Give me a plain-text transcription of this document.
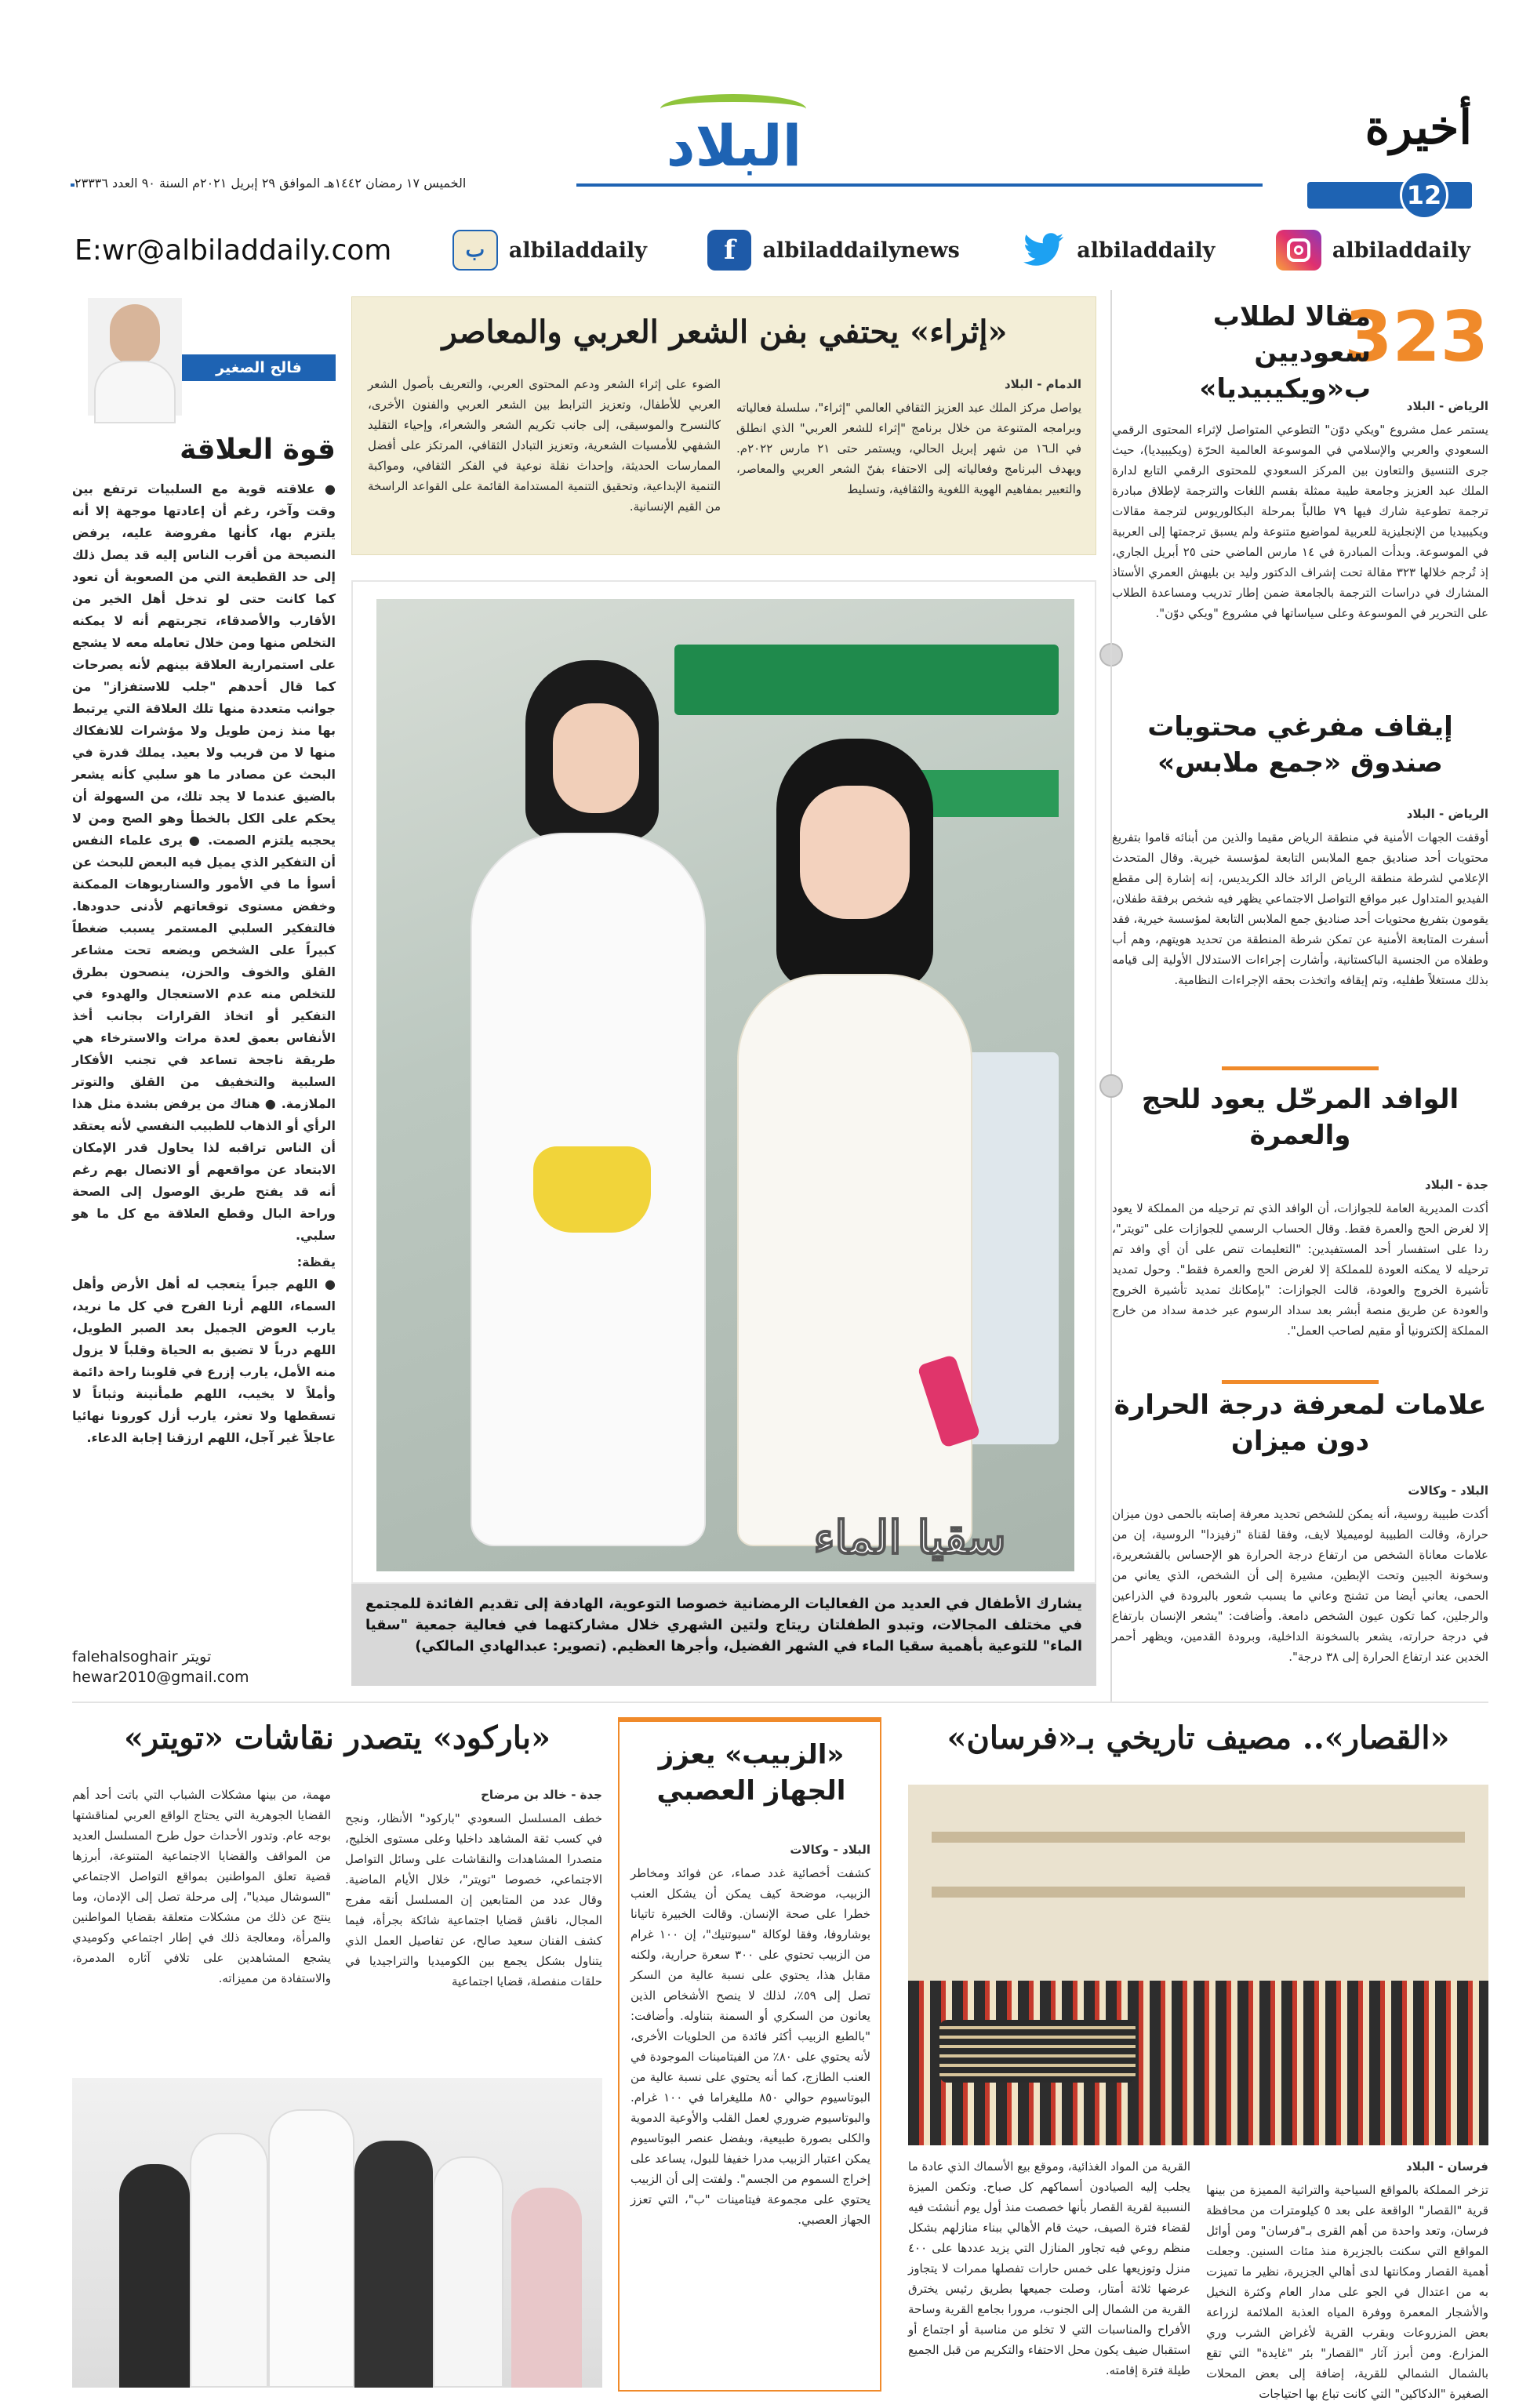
أخيرة
12
البلاد
الخميس ١٧ رمضان ١٤٤٢هـ الموافق ٢٩ إبريل ٢٠٢١م السنة ٩٠ العدد ٢٣٣٣٦
E:wr@albiladdaily.com	ب	albiladdaily	f	albiladdailynews	albiladdaily	albiladdaily
323
مقالا لطلاب سعوديين ب«ويكيبيديا»
الرياض - البلاد
يستمر عمل مشروع "ويكي دوّن" التطوعي المتواصل لإثراء المحتوى الرقمي السعودي والعربي والإسلامي في الموسوعة العالمية الحرّة (ويكيبيديا)، حيث جرى التنسيق والتعاون بين المركز السعودي للمحتوى الرقمي التابع لدارة الملك عبد العزيز وجامعة طيبة ممثلة بقسم اللغات والترجمة لإطلاق مبادرة ترجمة تطوعية شارك فيها ٧٩ طالباً بمرحلة البكالوريوس لترجمة مقالات ويكيبيديا من الإنجليزية للعربية لمواضيع متنوعة ولم يسبق ترجمتها إلى العربية في الموسوعة. وبدأت المبادرة في ١٤ مارس الماضي حتى ٢٥ أبريل الجاري، إذ تُرجم خلالها ٣٢٣ مقالة تحت إشراف الدكتور وليد بن بليهش العمري الأستاذ المشارك في دراسات الترجمة بالجامعة ضمن إطار تدريب ومساعدة الطلاب على التحرير في الموسوعة وعلى سياساتها في مشروع "ويكي دوّن".
إيقاف مفرغي محتويات صندوق «جمع ملابس»
الرياض - البلاد
أوقفت الجهات الأمنية في منطقة الرياض مقيما والذين من أبنائه قاموا بتفريغ محتويات أحد صناديق جمع الملابس التابعة لمؤسسة خيرية. وقال المتحدث الإعلامي لشرطة منطقة الرياض الرائد خالد الكريديس، إنه إشارة إلى مقطع الفيديو المتداول عبر مواقع التواصل الاجتماعي يظهر فيه شخص برفقة طفلان، يقومون بتفريغ محتويات أحد صناديق جمع الملابس التابعة لمؤسسة خيرية، فقد أسفرت المتابعة الأمنية عن تمكن شرطة المنطقة من تحديد هويتهم، وهم أب وطفلاه من الجنسية الباكستانية، وأشارت إجراءات الاستدلال الأولية إلى قيامه بذلك مستغلاً طفليه، وتم إيقافه واتخذت بحقه الإجراءات النظامية.
الوافد المرحّل يعود للحج والعمرة
جدة - البلاد
أكدت المديرية العامة للجوازات، أن الوافد الذي تم ترحيله من المملكة لا يعود إلا لغرض الحج والعمرة فقط. وقال الحساب الرسمي للجوازات على "تويتر"، ردا على استفسار أحد المستفيدين: "التعليمات تنص على أن أي وافد تم ترحيله لا يمكنه العودة للمملكة إلا لغرض الحج والعمرة فقط". وحول تمديد تأشيرة الخروج والعودة، قالت الجوازات: "بإمكانك تمديد تأشيرة الخروج والعودة عن طريق منصة أبشر بعد سداد الرسوم عبر خدمة سداد من خارج المملكة إلكترونيا أو مقيم لصاحب العمل".
علامات لمعرفة درجة الحرارة دون ميزان
البلاد - وكالات
أكدت طبيبة روسية، أنه يمكن للشخص تحديد معرفة إصابته بالحمى دون ميزان حرارة، وقالت الطبيبة لوميميلا لايف، وفقا لقناة "زفيزدا" الروسية، إن من علامات معاناة الشخص من ارتفاع درجة الحرارة هو الإحساس بالقشعريرة، وسخونة الجبين وتحت الإبطين، مشيرة إلى أن الشخص، الذي يعاني من الحمى، يعاني أيضا من تشنج وعاني ما يسبب شعور بالبرودة في الذراعين والرجلين، كما تكون عيون الشخص دامعة. وأضافت: "يشعر الإنسان بارتفاع في درجة حرارته، يشعر بالسخونة الداخلية، وبرودة القدمين، ويظهر أحمر الخدين عند ارتفاع الحرارة إلى ٣٨ درجة".
«إثراء» يحتفي بفن الشعر العربي والمعاصر
الدمام - البلاد
يواصل مركز الملك عبد العزيز الثقافي العالمي "إثراء"، سلسلة فعالياته وبرامجه المتنوعة من خلال برنامج "إثراء للشعر العربي" الذي انطلق في الـ١٦ من شهر إبريل الحالي، ويستمر حتى ٢١ مارس ٢٠٢٢م. ويهدف البرنامج وفعالياته إلى الاحتفاء بفنّ الشعر العربي والمعاصر، والتعبير بمفاهيم الهوية اللغوية والثقافية، وتسليط
الضوء على إثراء الشعر ودعم المحتوى العربي، والتعريف بأصول الشعر العربي للأطفال، وتعزيز الترابط بين الشعر العربي والفنون الأخرى، كالنسرح والموسيقى، إلى جانب تكريم الشعر والشعراء، وإحياء التقليد الشفهي للأمسيات الشعرية، وتعزيز التبادل الثقافي، المرتكز على أفضل الممارسات الحديثة، وإحداث نقلة نوعية في الفكر الثقافي، ومواكبة التنمية الإبداعية، وتحقيق التنمية المستدامة القائمة على القواعد الراسخة من القيم الإنسانية.
سقيا الماء
يشارك الأطفال في العديد من الفعاليات الرمضانية خصوصا التوعوية، الهادفة إلى تقديم الفائدة للمجتمع في مختلف المجالات، وتبدو الطفلتان ريتاج ولتين الشهري خلال مشاركتهما في فعالية جمعية "سقيا الماء" للتوعية بأهمية سقيا الماء في الشهر الفضيل، وأجرها العظيم. (تصوير: عبدالهادي المالكي)
فالح الصغير
قوة العلاقة
● علاقته قوية مع السلبيات ترتفع بين وقت وآخر، رغم أن إعادتها موجهة إلا أنه يلتزم بها، كأنها مفروضة عليه، يرفض النصيحة من أقرب الناس إليه قد يصل ذلك إلى حد القطيعة التي من الصعوبة أن تعود كما كانت حتى لو تدخل أهل الخير من الأقارب والأصدقاء، تجربتهم أنه لا يمكنه التخلص منها ومن خلال تعامله معه لا يشجع على استمرارية العلاقة بينهم لأنه يصرحات كما قال أحدهم "جلب للاستفزاز" من جوانب متعددة منها تلك العلاقة التي يرتبط بها منذ زمن طويل ولا مؤشرات للانفكاك منها لا من قريب ولا بعيد. يملك قدرة في البحث عن مصادر ما هو سلبي كأنه يشعر بالضيق عندما لا يجد تلك، من السهولة أن يحكم على الكل بالخطأ وهو الصح ومن لا يحجبه يلتزم الصمت. ● يرى علماء النفس أن التفكير الذي يميل فيه البعض للبحث عن أسوأ ما في الأمور والسناريوهات الممكنة وخفض مستوى توقعاتهم لأدنى حدودها. فالتفكير السلبي المستمر يسبب ضغطاً كبيراً على الشخص ويضعه تحت مشاعر القلق والخوف والحزن، ينصحون بطرق للتخلص منه عدم الاستعجال والهدوء في التفكير أو اتخاذ القرارات بجانب أخذ الأنفاس بعمق لعدة مرات والاسترخاء هي طريقة ناجحة تساعد في تجنب الأفكار السلبية والتخفيف من القلق والتوتر الملازمة. ● هناك من يرفض بشدة مثل هذا الرأي أو الذهاب للطبيب النفسي لأنه يعتقد أن الناس تراقبه لذا يحاول قدر الإمكان الابتعاد عن مواقعهم أو الاتصال بهم رغم أنه قد يفتح طريق الوصول إلى الصحة وراحة البال وقطع العلاقة مع كل ما هو سلبي.
يقظة:
● اللهم جبراً يتعجب له أهل الأرض وأهل السماء، اللهم أرنا الفرح في كل ما نريد، يارب العوض الجميل بعد الصبر الطويل، اللهم درباً لا تضيق به الحياة وقلباً لا يزول منه الأمل، يارب إزرع في قلوبنا راحة دائمة وأملاً لا يخيب، اللهم طمأنينة وثباتاً لا تسقطها ولا تعثر، يارب أزل كورونا نهائيا عاجلاً غير آجل، اللهم ارزقنا إجابة الدعاء.
falehalsoghair تويتر
hewar2010@gmail.com
«القصار».. مصيف تاريخي بـ«فرسان»
فرسان - البلاد
تزخر المملكة بالمواقع السياحية والتراثية المميزة من بينها قرية "القصار" الواقعة على بعد ٥ كيلومترات من محافظة فرسان، وتعد واحدة من أهم القرى بـ"فرسان" ومن أوائل المواقع التي سكنت بالجزيرة منذ مئات السنين. وجعلت أهمية القصار ومكانتها لدى أهالي الجزيرة، نظير ما تميزت به من اعتدال في الجو على مدار العام وكثرة النخيل والأشجار المعمرة ووفرة المياه العذبة الملائمة لزراعة بعض المزروعات وبقرب القرية لأغراض الشرب وري المزارع. ومن أبرز آثار "القصار" بئر "غايدة" التي تقع بالشمال الشمالي للقرية، إضافة إلى بعض المحلات الصغيرة "الدكاكين" التي كانت تباع بها احتياجات
القرية من المواد الغذائية، وموقع بيع الأسماك الذي عادة ما يجلب إليه الصيادون أسماكهم كل صباح. وتكمن الميزة النسبية لقرية القصار بأنها خصصت منذ أول يوم أنشئت فيه لقضاء فترة الصيف، حيث قام الأهالي ببناء منازلهم بشكل منظم روعي فيه تجاور المنازل التي يزيد عددها على ٤٠٠ منزل وتوزيعها على خمس حارات تفصلها ممرات لا يتجاوز عرضها ثلاثة أمتار، وصلت جميعها بطريق رئيس يخترق القرية من الشمال إلى الجنوب، مرورا بجامع القرية وساحة الأفراح والمناسبات التي لا تخلو من مناسبة أو اجتماع أو استقبال ضيف يكون محل الاحتفاء والتكريم من قبل الجميع طيلة فترة إقامته.
«الزبيب» يعزز الجهاز العصبي
البلاد - وكالات
كشفت أخصائية غدد صماء، عن فوائد ومخاطر الزبيب، موضحة كيف يمكن أن يشكل العنب خطرا على صحة الإنسان. وقالت الخبيرة تاتيانا بوشاروفا، وفقا لوكالة "سبوتنيك"، إن ١٠٠ غرام من الزبيب تحتوي على ٣٠٠ سعرة حرارية، ولكنه مقابل هذا، يحتوي على نسبة عالية من السكر تصل إلى ٥٩٪، لذلك لا ينصح الأشخاص الذين يعانون من السكري أو السمنة بتناوله. وأضافت: "بالطبع الزبيب أكثر فائدة من الحلويات الأخرى، لأنه يحتوي على ٨٠٪ من الفيتامينات الموجودة في العنب الطازج، كما أنه يحتوي على نسبة عالية من البوتاسيوم حوالي ٨٥٠ ملليغراما في ١٠٠ غرام. والبوتاسيوم ضروري لعمل القلب والأوعية الدموية والكلى بصورة طبيعية، وبفضل عنصر البوتاسيوم يمكن اعتبار الزبيب مدرا خفيفا للبول، يساعد على إخراج السموم من الجسم". ولفتت إلى أن الزبيب يحتوي على مجموعة فيتامينات "ب"، التي تعزز الجهاز العصبي.
«باركود» يتصدر نقاشات «تويتر»
جدة - خالد بن مرضاح
خطف المسلسل السعودي "باركود" الأنظار، ونجح في كسب ثقة المشاهد داخليا وعلى مستوى الخليج، متصدرا المشاهدات والنقاشات على وسائل التواصل الاجتماعي، خصوصا "تويتر"، خلال الأيام الماضية. وقال عدد من المتابعين إن المسلسل أنقه مفرج المجال، ناقش قضايا اجتماعية شائكة بجرأة، فيما كشف الفنان سعيد صالح، عن تفاصيل العمل الذي يتناول بشكل يجمع بين الكوميديا والتراجيديا في حلقات منفصلة، قضايا اجتماعية
مهمة، من بينها مشكلات الشباب التي باتت أحد أهم القضايا الجوهرية التي يحتاج الواقع العربي لمناقشتها بوجه عام. وتدور الأحداث حول طرح المسلسل العديد من المواقف والقضايا الاجتماعية المتنوعة، أبرزها قضية تعلق المواطنين بمواقع التواصل الاجتماعي "السوشال ميديا"، إلى مرحلة تصل إلى الإدمان، وما ينتج عن ذلك من مشكلات متعلقة بقضايا المواطنين والمرأة، ومعالجة ذلك في إطار اجتماعي وكوميدي يشجع المشاهدين على تلافي آثاره المدمرة، والاستفادة من مميزاته.
